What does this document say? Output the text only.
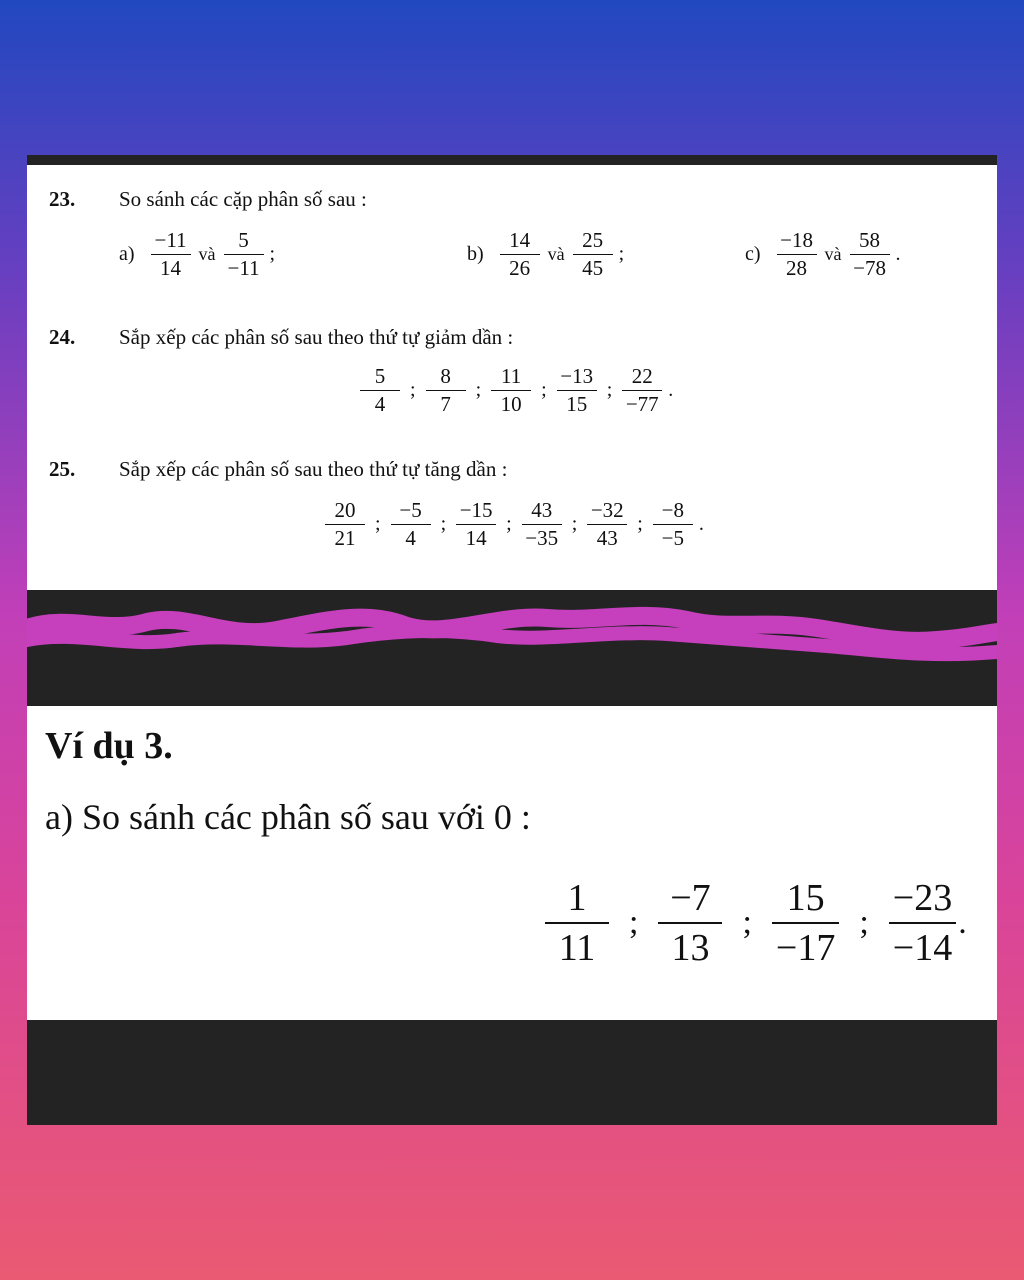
23. So sánh các cặp phân số sau :
$a) \frac{-11}{14}$ và $\frac{5}{-11}$ ;	$b) \frac{14}{26}$ và $\frac{25}{45}$ ;	$c) \frac{-18}{28}$ và $\frac{58}{-78}$ .
24. Sắp xếp các phân số sau theo thứ tự giảm dần :
$\frac{5}{4}$ ; $\frac{8}{7}$ ; $\frac{11}{10}$ ; $\frac{-13}{15}$ ; $\frac{22}{-77}$ .
25. Sắp xếp các phân số sau theo thứ tự tăng dần :
$\frac{20}{21}$ ; $\frac{-5}{4}$ ; $\frac{-15}{14}$ ; $\frac{43}{-35}$ ; $\frac{-32}{43}$ ; $\frac{-8}{-5}$ .
Ví dụ 3.
a) So sánh các phân số sau với 0 :
$\frac{1}{11}$ ; $\frac{-7}{13}$ ; $\frac{15}{-17}$ ; $\frac{-23}{-14}$ .
